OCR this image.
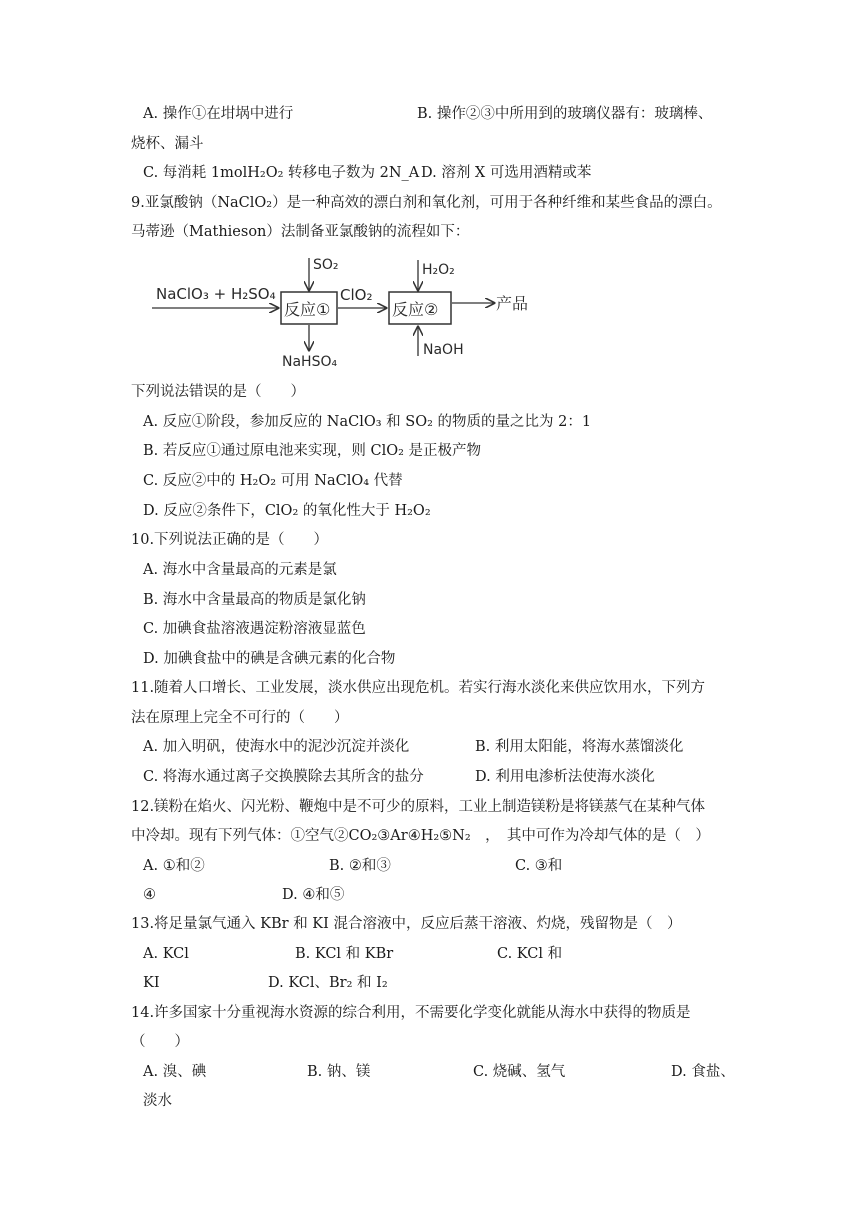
A. 操作①在坩埚中进行	B. 操作②③中所用到的玻璃仪器有：玻璃棒、
烧杯、漏斗
C. 每消耗 1molH₂O₂ 转移电子数为 2N_A D. 溶剂 X 可选用酒精或苯
9.亚氯酸钠（NaClO₂）是一种高效的漂白剂和氧化剂，可用于各种纤维和某些食品的漂白。
马蒂逊（Mathieson）法制备亚氯酸钠的流程如下：
NaClO₃ + H₂SO₄
反应①
SO₂
NaHSO₄
ClO₂
反应②
H₂O₂
NaOH
产品
下列说法错误的是（　　）
A. 反应①阶段，参加反应的 NaClO₃ 和 SO₂ 的物质的量之比为 2：1
B. 若反应①通过原电池来实现，则 ClO₂ 是正极产物
C. 反应②中的 H₂O₂ 可用 NaClO₄ 代替
D. 反应②条件下，ClO₂ 的氧化性大于 H₂O₂
10.下列说法正确的是（　　）
A. 海水中含量最高的元素是氯
B. 海水中含量最高的物质是氯化钠
C. 加碘食盐溶液遇淀粉溶液显蓝色
D. 加碘食盐中的碘是含碘元素的化合物
11.随着人口增长、工业发展，淡水供应出现危机。若实行海水淡化来供应饮用水，下列方
法在原理上完全不可行的（　　）
A. 加入明矾，使海水中的泥沙沉淀并淡化	B. 利用太阳能，将海水蒸馏淡化
C. 将海水通过离子交换膜除去其所含的盐分	D. 利用电渗析法使海水淡化
12.镁粉在焰火、闪光粉、鞭炮中是不可少的原料，工业上制造镁粉是将镁蒸气在某种气体
中冷却。现有下列气体：①空气②CO₂③Ar④H₂⑤N₂　，　其中可作为冷却气体的是（　）
A. ①和②	B. ②和③	C. ③和
④	D. ④和⑤
13.将足量氯气通入 KBr 和 KI 混合溶液中，反应后蒸干溶液、灼烧，残留物是（　）
A. KCl	B. KCl 和 KBr	C. KCl 和
KI	D. KCl、Br₂ 和 I₂
14.许多国家十分重视海水资源的综合利用，不需要化学变化就能从海水中获得的物质是
（　　）
A. 溴、碘	B. 钠、镁	C. 烧碱、氢气	D. 食盐、
淡水
